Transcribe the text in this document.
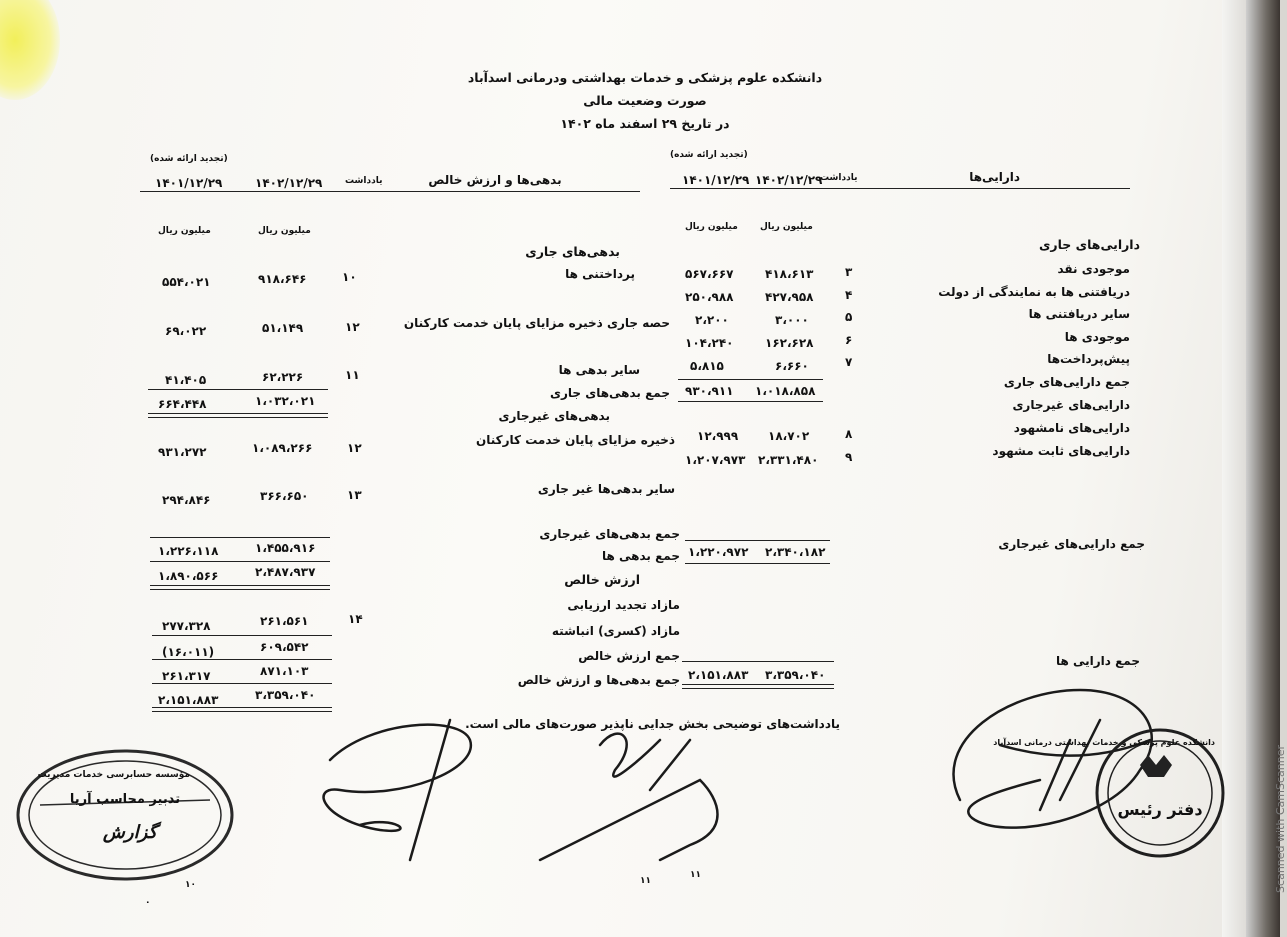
دانشکده علوم پزشکی و خدمات بهداشتی ودرمانی اسدآباد
صورت وضعیت مالی
در تاریخ ۲۹ اسفند ماه ۱۴۰۲
(تجدید ارائه شده)
(تجدید ارائه شده)
دارایی‌ها
یادداشت
۱۴۰۲/۱۲/۲۹
۱۴۰۱/۱۲/۲۹
بدهی‌ها و ارزش خالص
یادداشت
۱۴۰۲/۱۲/۲۹
۱۴۰۱/۱۲/۲۹
میلیون ریال
میلیون ریال
میلیون ریال
میلیون ریال
دارایی‌های جاری
موجودی نقد
دریافتنی ها به نمایندگی از دولت
سایر دریافتنی ها
موجودی ها
پیش‌پرداخت‌ها
جمع دارایی‌های جاری
دارایی‌های غیرجاری
دارایی‌های نامشهود
دارایی‌های ثابت مشهود
جمع دارایی‌های غیرجاری
جمع دارایی ها
۳
۴
۵
۶
۷
۸
۹
۴۱۸،۶۱۳
۴۲۷،۹۵۸
۳،۰۰۰
۱۶۲،۶۲۸
۶،۶۶۰
۱،۰۱۸،۸۵۸
۱۸،۷۰۲
۲،۳۳۱،۴۸۰
۲،۳۴۰،۱۸۲
۳،۳۵۹،۰۴۰
۵۶۷،۶۶۷
۲۵۰،۹۸۸
۲،۲۰۰
۱۰۴،۲۴۰
۵،۸۱۵
۹۳۰،۹۱۱
۱۲،۹۹۹
۱،۲۰۷،۹۷۳
۱،۲۲۰،۹۷۲
۲،۱۵۱،۸۸۳
بدهی‌های جاری
پرداختنی ها
حصه جاری ذخیره مزایای پایان خدمت کارکنان
سایر بدهی ها
جمع بدهی‌های جاری
بدهی‌های غیرجاری
ذخیره مزایای پایان خدمت کارکنان
سایر بدهی‌ها غیر جاری
جمع بدهی‌های غیرجاری
جمع بدهی ها
ارزش خالص
مازاد تجدید ارزیابی
مازاد (کسری) انباشته
جمع ارزش خالص
جمع بدهی‌ها و ارزش خالص
۱۰
۱۲
۱۱
۱۲
۱۳
۱۴
۹۱۸،۶۴۶
۵۱،۱۴۹
۶۲،۲۲۶
۱،۰۳۲،۰۲۱
۱،۰۸۹،۲۶۶
۳۶۶،۶۵۰
۱،۴۵۵،۹۱۶
۲،۴۸۷،۹۳۷
۲۶۱،۵۶۱
۶۰۹،۵۴۲
۸۷۱،۱۰۳
۳،۳۵۹،۰۴۰
۵۵۴،۰۲۱
۶۹،۰۲۲
۴۱،۴۰۵
۶۶۴،۴۴۸
۹۳۱،۲۷۲
۲۹۴،۸۴۶
۱،۲۲۶،۱۱۸
۱،۸۹۰،۵۶۶
۲۷۷،۳۲۸
(۱۶،۰۱۱)
۲۶۱،۳۱۷
۲،۱۵۱،۸۸۳
یادداشت‌های توضیحی بخش جدایی ناپذیر صورت‌های مالی است.
مؤسسه حسابرسی خدمات مدیریت
تدبیر محاسب آریا
گزارش
دانشکده علوم پزشکی و خدمات بهداشتی درمانی اسدآباد
دفتر رئیس
۱۰
۱۱
۰
۱۱	Scanned with CamScanner
